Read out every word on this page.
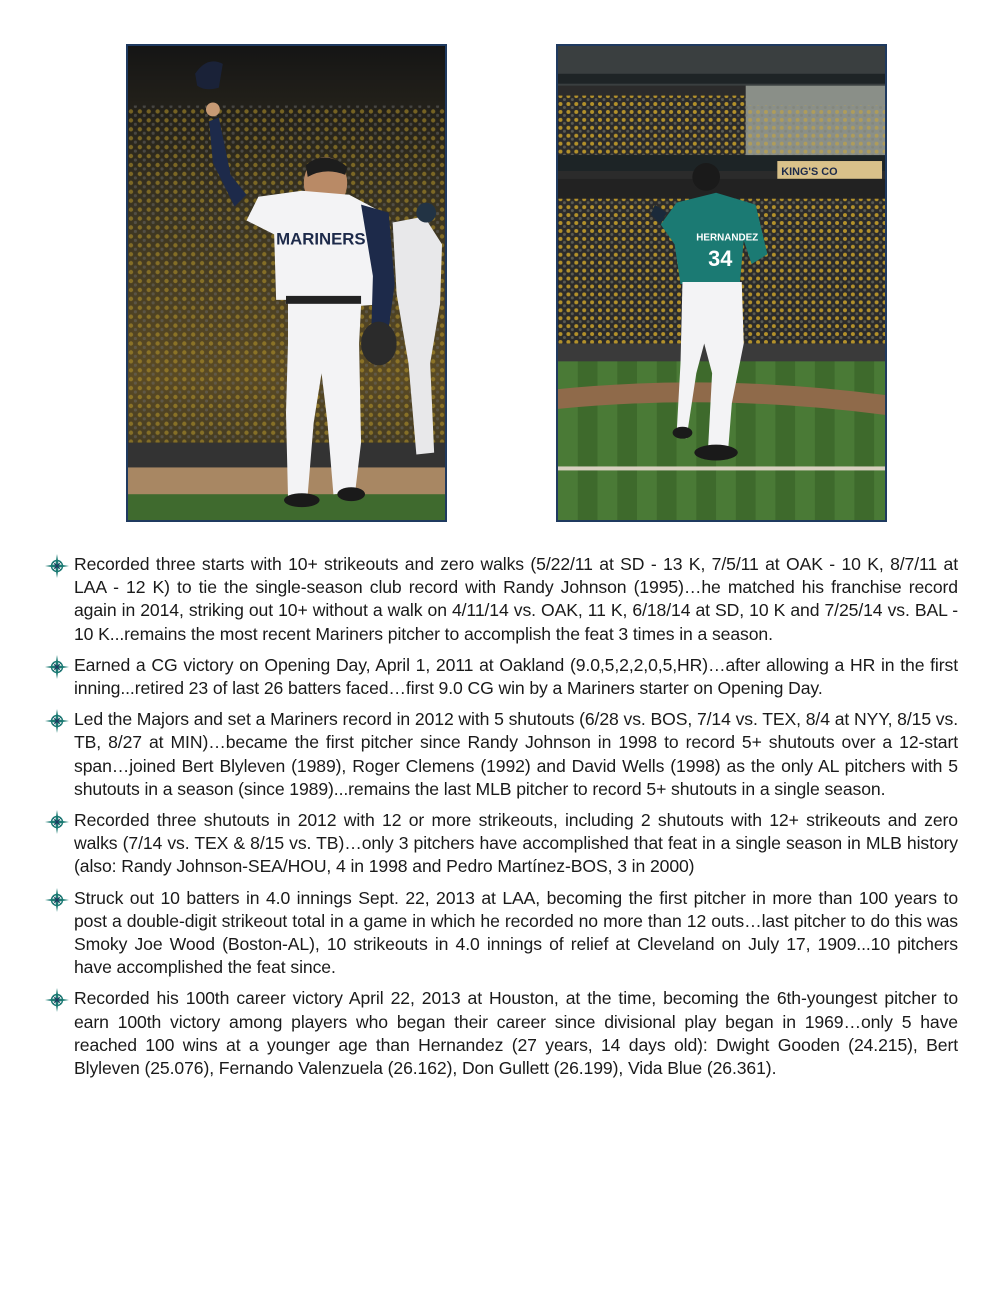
MARINERS
KING'S CO
HERNANDEZ
34
Recorded three starts with 10+ strikeouts and zero walks (5/22/11 at SD - 13 K, 7/5/11 at OAK - 10 K, 8/7/11 at LAA - 12 K) to tie the single-season club record with Randy Johnson (1995)…he matched his franchise record again in 2014, striking out 10+ without a walk on 4/11/14 vs. OAK, 11 K, 6/18/14 at SD, 10 K and 7/25/14 vs. BAL - 10 K...remains the most recent Mariners pitcher to accomplish the feat 3 times in a season.
Earned a CG victory on Opening Day, April 1, 2011 at Oakland (9.0,5,2,2,0,5,HR)…after allowing a HR in the first inning...retired 23 of last 26 batters faced…first 9.0 CG win by a Mariners starter on Opening Day.
Led the Majors and set a Mariners record in 2012 with 5 shutouts (6/28 vs. BOS, 7/14 vs. TEX, 8/4 at NYY, 8/15 vs. TB, 8/27 at MIN)…became the first pitcher since Randy Johnson in 1998 to record 5+ shutouts over a 12-start span…joined Bert Blyleven (1989), Roger Clemens (1992) and David Wells (1998) as the only AL pitchers with 5 shutouts in a season (since 1989)...remains the last MLB pitcher to record 5+ shutouts in a single season.
Recorded three shutouts in 2012 with 12 or more strikeouts, including 2 shutouts with 12+ strikeouts and zero walks (7/14 vs. TEX & 8/15 vs. TB)…only 3 pitchers have accomplished that feat in a single season in MLB history (also: Randy Johnson-SEA/HOU, 4 in 1998 and Pedro Martínez-BOS, 3 in 2000)
Struck out 10 batters in 4.0 innings Sept. 22, 2013 at LAA, becoming the first pitcher in more than 100 years to post a double-digit strikeout total in a game in which he recorded no more than 12 outs…last pitcher to do this was Smoky Joe Wood (Boston-AL), 10 strikeouts in 4.0 innings of relief at Cleveland on July 17, 1909...10 pitchers have accomplished the feat since.
Recorded his 100th career victory April 22, 2013 at Houston, at the time, becoming the 6th-youngest pitcher to earn 100th victory among players who began their career since divisional play began in 1969…only 5 have reached 100 wins at a younger age than Hernandez (27 years, 14 days old): Dwight Gooden (24.215), Bert Blyleven (25.076), Fernando Valenzuela (26.162), Don Gullett (26.199), Vida Blue (26.361).
